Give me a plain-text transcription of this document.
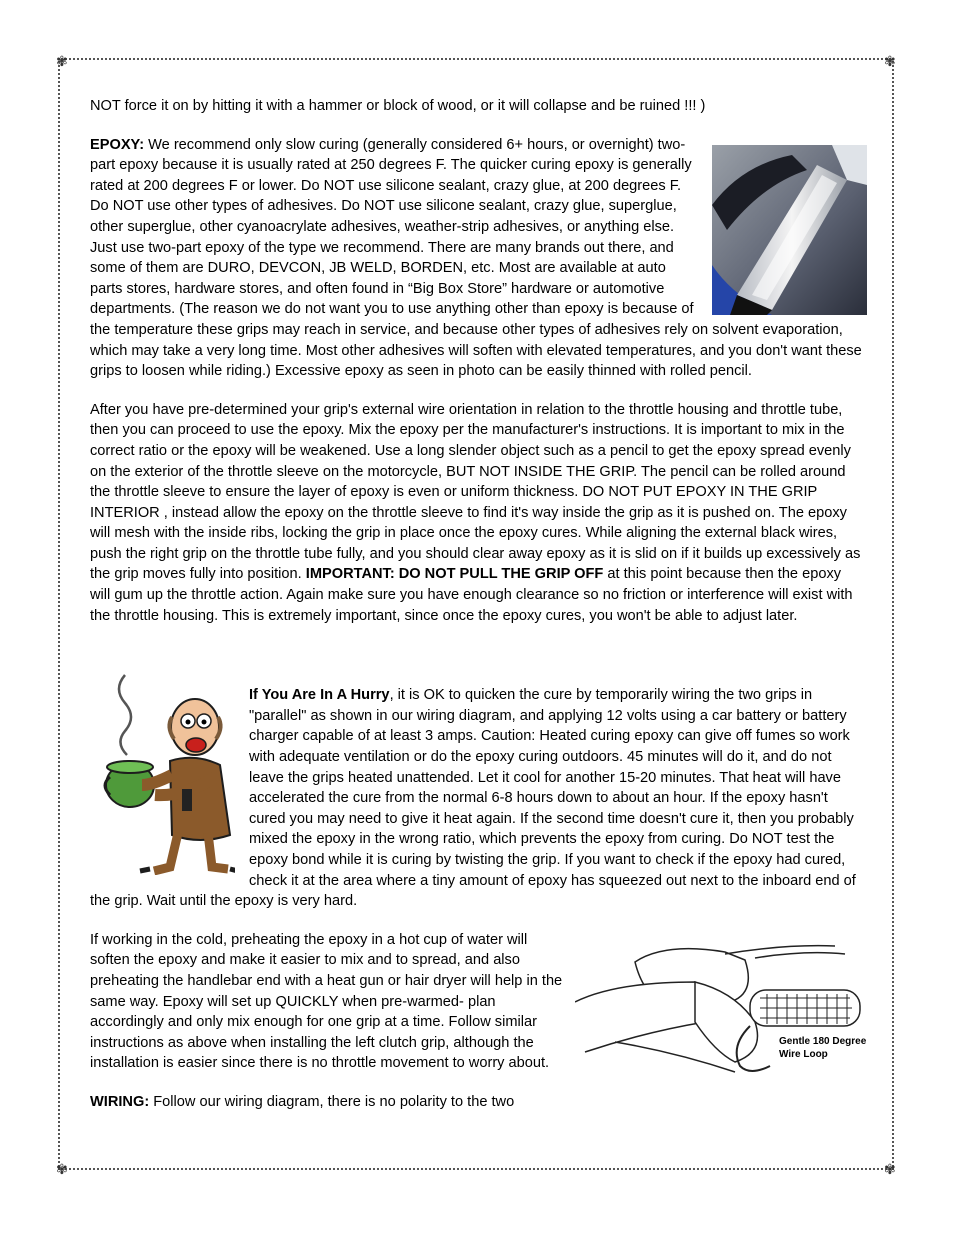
✾	✾
✾	✾

NOT force it on by hitting it with a hammer or block of wood, or it will collapse and be ruined !!! )

EPOXY: We recommend only slow curing (generally considered 6+ hours, or overnight) two-part epoxy because it is usually rated at 250 degrees F. The quicker curing epoxy is generally rated at 200 degrees F or lower. Do NOT use silicone sealant, crazy glue, at 200 degrees F. Do NOT use other types of adhesives. Do NOT use silicone sealant, crazy glue, superglue, other superglue, other cyanoacrylate adhesives, weather-strip adhesives, or anything else. Just use two-part epoxy of the type we recommend. There are many brands out there, and some of them are DURO, DEVCON, JB WELD, BORDEN, etc. Most are available at auto parts stores, hardware stores, and often found in “Big Box Store” hardware or automotive departments. (The reason we do not want you to use anything other than epoxy is because of the temperature these grips may reach in service, and because other types of adhesives rely on solvent evaporation, which may take a very long time. Most other adhesives will soften with elevated temperatures, and you don't want these grips to loosen while riding.) Excessive epoxy as seen in photo can be easily thinned with rolled pencil.

After you have pre-determined your grip's external wire orientation in relation to the throttle housing and throttle tube, then you can proceed to use the epoxy. Mix the epoxy per the manufacturer's instructions. It is important to mix in the correct ratio or the epoxy will be weakened. Use a long slender object such as a pencil to get the epoxy spread evenly on the exterior of the throttle sleeve on the motorcycle, BUT NOT INSIDE THE GRIP. The pencil can be rolled around the throttle sleeve to ensure the layer of epoxy is even or uniform thickness. DO NOT PUT EPOXY IN THE GRIP INTERIOR , instead allow the epoxy on the throttle sleeve to find it's way inside the grip as it is pushed on. The epoxy will mesh with the inside ribs, locking the grip in place once the epoxy cures. While aligning the external black wires, push the right grip on the throttle tube fully, and you should clear away epoxy as it is slid on if it builds up excessively as the grip moves fully into position. IMPORTANT: DO NOT PULL THE GRIP OFF at this point because then the epoxy will gum up the throttle action. Again make sure you have enough clearance so no friction or interference will exist with the throttle housing. This is extremely important, since once the epoxy cures, you won't be able to adjust later.

If You Are In A Hurry, it is OK to quicken the cure by temporarily wiring the two grips in "parallel" as shown in our wiring diagram, and applying 12 volts using a car battery or battery charger capable of at least 3 amps. Caution: Heated curing epoxy can give off fumes so work with adequate ventilation or do the epoxy curing outdoors. 45 minutes will do it, and do not leave the grips heated unattended. Let it cool for another 15-20 minutes. That heat will have accelerated the cure from the normal 6-8 hours down to about an hour. If the epoxy hasn't cured you may need to give it heat again. If the second time doesn't cure it, then you probably mixed the epoxy in the wrong ratio, which prevents the epoxy from curing. Do NOT test the epoxy bond while it is curing by twisting the grip. If you want to check if the epoxy had cured, check it at the area where a tiny amount of epoxy has squeezed out next to the inboard end of the grip. Wait until the epoxy is very hard.

Gentle 180 Degree
Wire Loop
If working in the cold, preheating the epoxy in a hot cup of water will soften the epoxy and make it easier to mix and to spread, and also preheating the handlebar end with a heat gun or hair dryer will help in the same way. Epoxy will set up QUICKLY when pre-warmed- plan accordingly and only mix enough for one grip at a time. Follow similar instructions as above when installing the left clutch grip, although the installation is easier since there is no throttle movement to worry about.

WIRING: Follow our wiring diagram, there is no polarity to the two
